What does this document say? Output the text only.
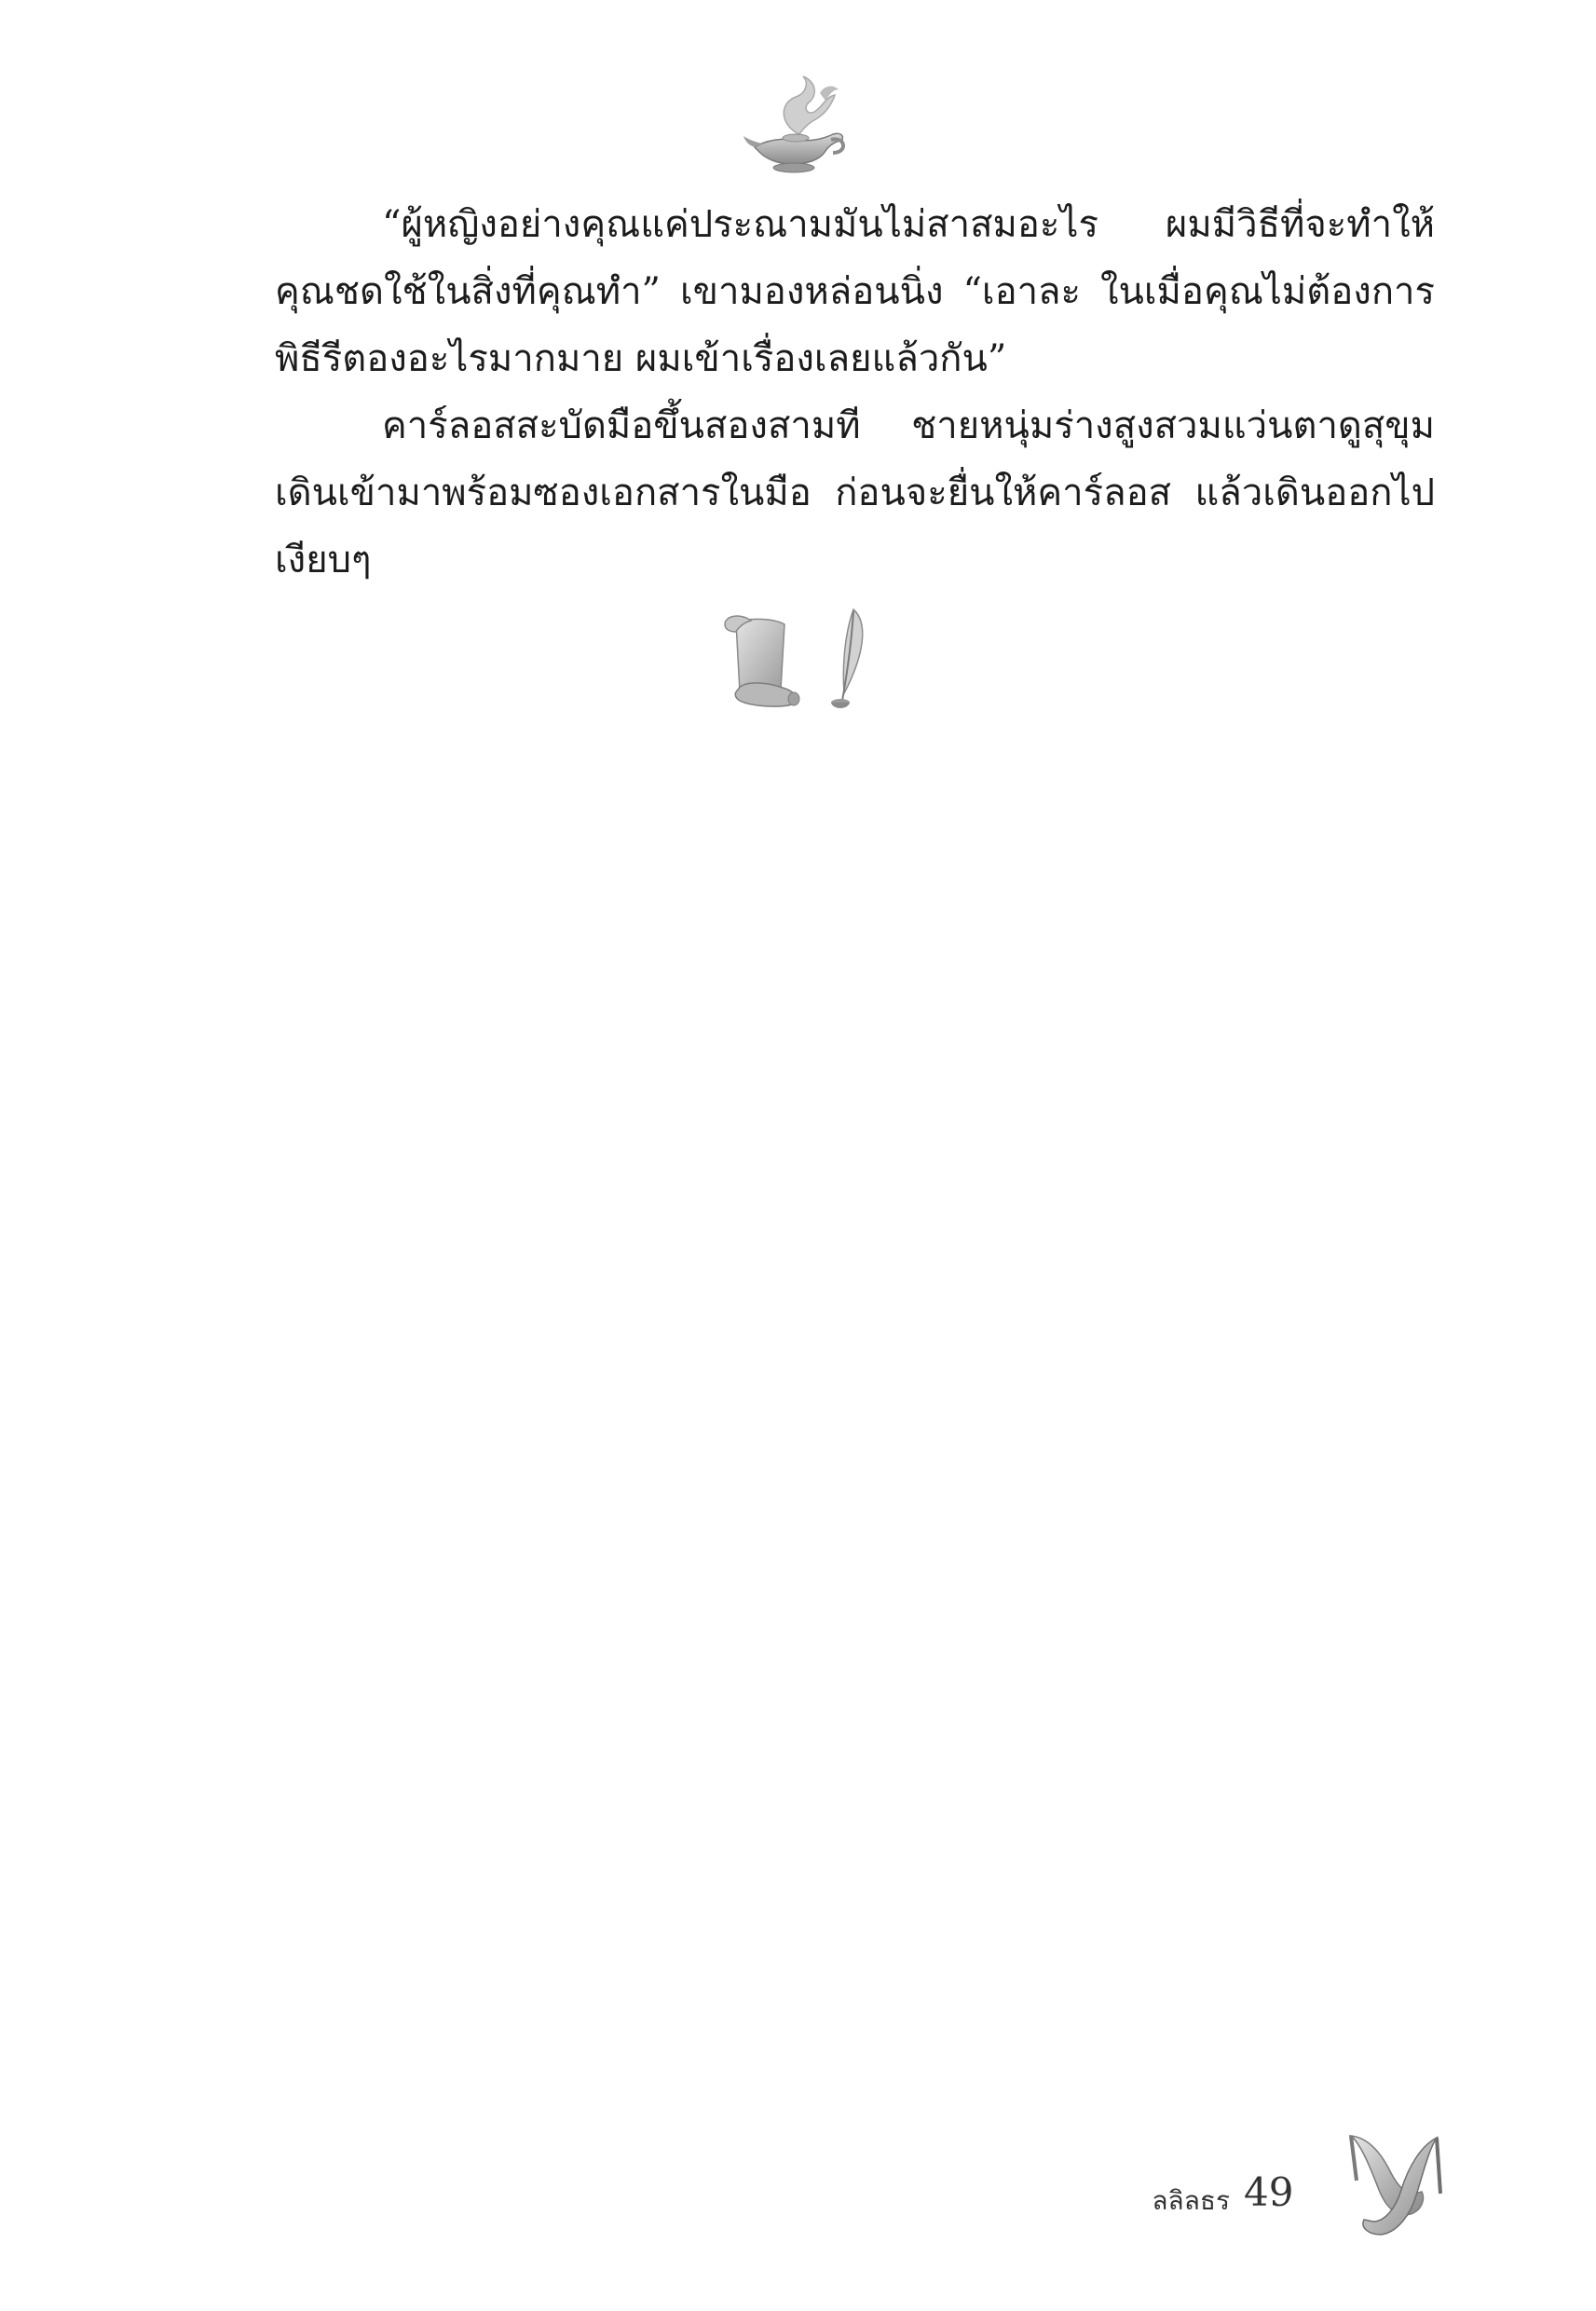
“ผู้หญิงอย่างคุณแค่ประณามมันไม่สาสมอะไร ผมมีวิธีที่จะทำให้คุณชดใช้ในสิ่งที่คุณทำ” เขามองหล่อนนิ่ง “เอาละ ในเมื่อคุณไม่ต้องการพิธีรีตองอะไรมากมาย ผมเข้าเรื่องเลยแล้วกัน”

คาร์ลอสสะบัดมือขึ้นสองสามที ชายหนุ่มร่างสูงสวมแว่นตาดูสุขุมเดินเข้ามาพร้อมซองเอกสารในมือ ก่อนจะยื่นให้คาร์ลอส แล้วเดินออกไปเงียบๆ

ลลิลธร 49
